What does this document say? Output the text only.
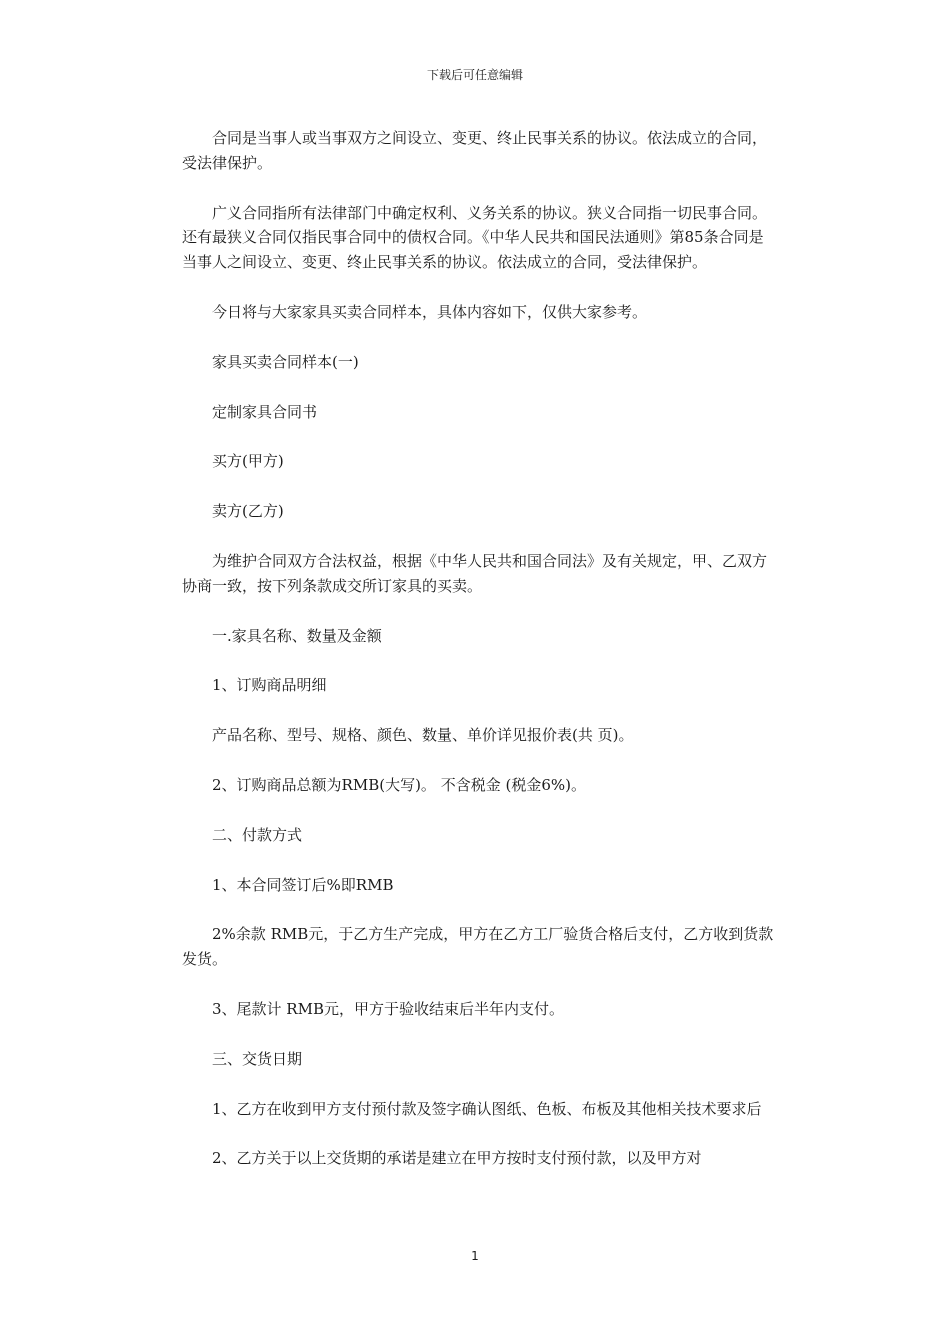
下载后可任意编辑

合同是当事人或当事双方之间设立、变更、终止民事关系的协议。依法成立的合同，受法律保护。

广义合同指所有法律部门中确定权利、义务关系的协议。狭义合同指一切民事合同。还有最狭义合同仅指民事合同中的债权合同。《中华人民共和国民法通则》第85条合同是当事人之间设立、变更、终止民事关系的协议。依法成立的合同，受法律保护。

今日将与大家家具买卖合同样本，具体内容如下，仅供大家参考。

家具买卖合同样本(一)

定制家具合同书

买方(甲方)

卖方(乙方)

为维护合同双方合法权益，根据《中华人民共和国合同法》及有关规定，甲、乙双方协商一致，按下列条款成交所订家具的买卖。

一.家具名称、数量及金额

1、订购商品明细

产品名称、型号、规格、颜色、数量、单价详见报价表(共 页)。

2、订购商品总额为RMB(大写)。 不含税金 (税金6%)。

二、付款方式

1、本合同签订后%即RMB

2%余款 RMB元，于乙方生产完成，甲方在乙方工厂验货合格后支付，乙方收到货款发货。

3、尾款计 RMB元，甲方于验收结束后半年内支付。

三、交货日期

1、乙方在收到甲方支付预付款及签字确认图纸、色板、布板及其他相关技术要求后

2、乙方关于以上交货期的承诺是建立在甲方按时支付预付款，以及甲方对

1
